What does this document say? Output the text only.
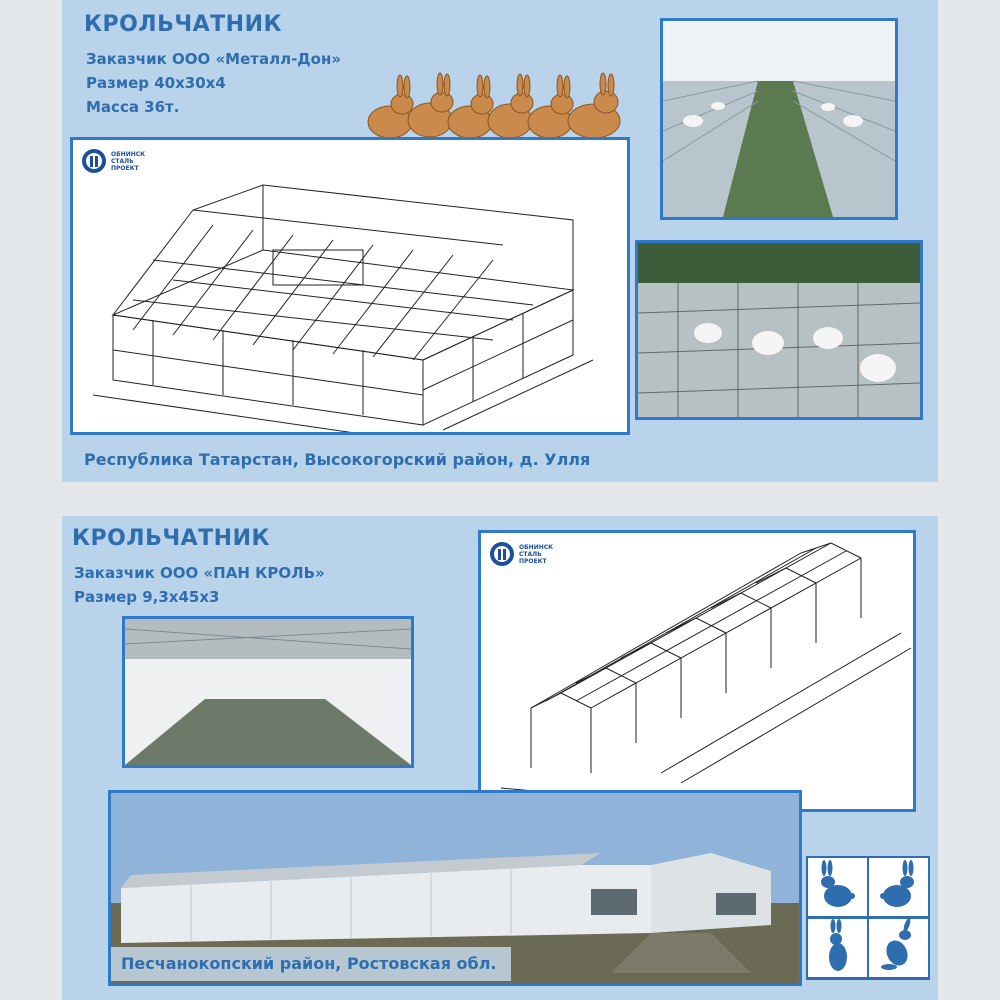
КРОЛЬЧАТНИК

Заказчик ООО «Металл-Дон»

Размер 40х30х4

Масса 36т.

ОБНИНСК
СТАЛЬ
ПРОЕКТ

Республика Татарстан, Высокогорский район, д. Улля

КРОЛЬЧАТНИК

Заказчик ООО «ПАН КРОЛЬ»

Размер 9,3х45х3

ОБНИНСК
СТАЛЬ
ПРОЕКТ

Песчанокопский район, Ростовская обл.
